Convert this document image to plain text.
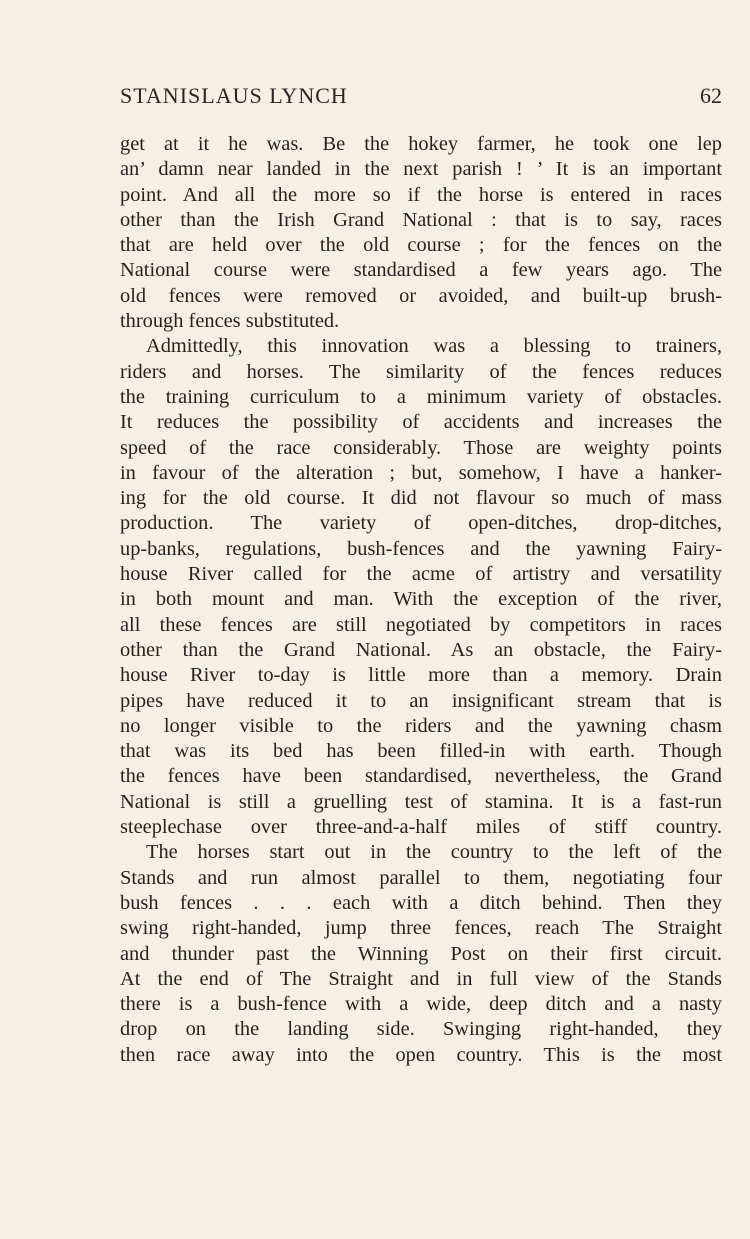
STANISLAUS LYNCH	62
get at it he was. Be the hokey farmer, he took one lep
an’ damn near landed in the next parish ! ’ It is an important
point. And all the more so if the horse is entered in races
other than the Irish Grand National : that is to say, races
that are held over the old course ; for the fences on the
National course were standardised a few years ago. The
old fences were removed or avoided, and built-up brush-
through fences substituted.
Admittedly, this innovation was a blessing to trainers,
riders and horses. The similarity of the fences reduces
the training curriculum to a minimum variety of obstacles.
It reduces the possibility of accidents and increases the
speed of the race considerably. Those are weighty points
in favour of the alteration ; but, somehow, I have a hanker-
ing for the old course. It did not flavour so much of mass
production. The variety of open-ditches, drop-ditches,
up-banks, regulations, bush-fences and the yawning Fairy-
house River called for the acme of artistry and versatility
in both mount and man. With the exception of the river,
all these fences are still negotiated by competitors in races
other than the Grand National. As an obstacle, the Fairy-
house River to-day is little more than a memory. Drain
pipes have reduced it to an insignificant stream that is
no longer visible to the riders and the yawning chasm
that was its bed has been filled-in with earth. Though
the fences have been standardised, nevertheless, the Grand
National is still a gruelling test of stamina. It is a fast-run
steeplechase over three-and-a-half miles of stiff country.
The horses start out in the country to the left of the
Stands and run almost parallel to them, negotiating four
bush fences . . . each with a ditch behind. Then they
swing right-handed, jump three fences, reach The Straight
and thunder past the Winning Post on their first circuit.
At the end of The Straight and in full view of the Stands
there is a bush-fence with a wide, deep ditch and a nasty
drop on the landing side. Swinging right-handed, they
then race away into the open country. This is the most
